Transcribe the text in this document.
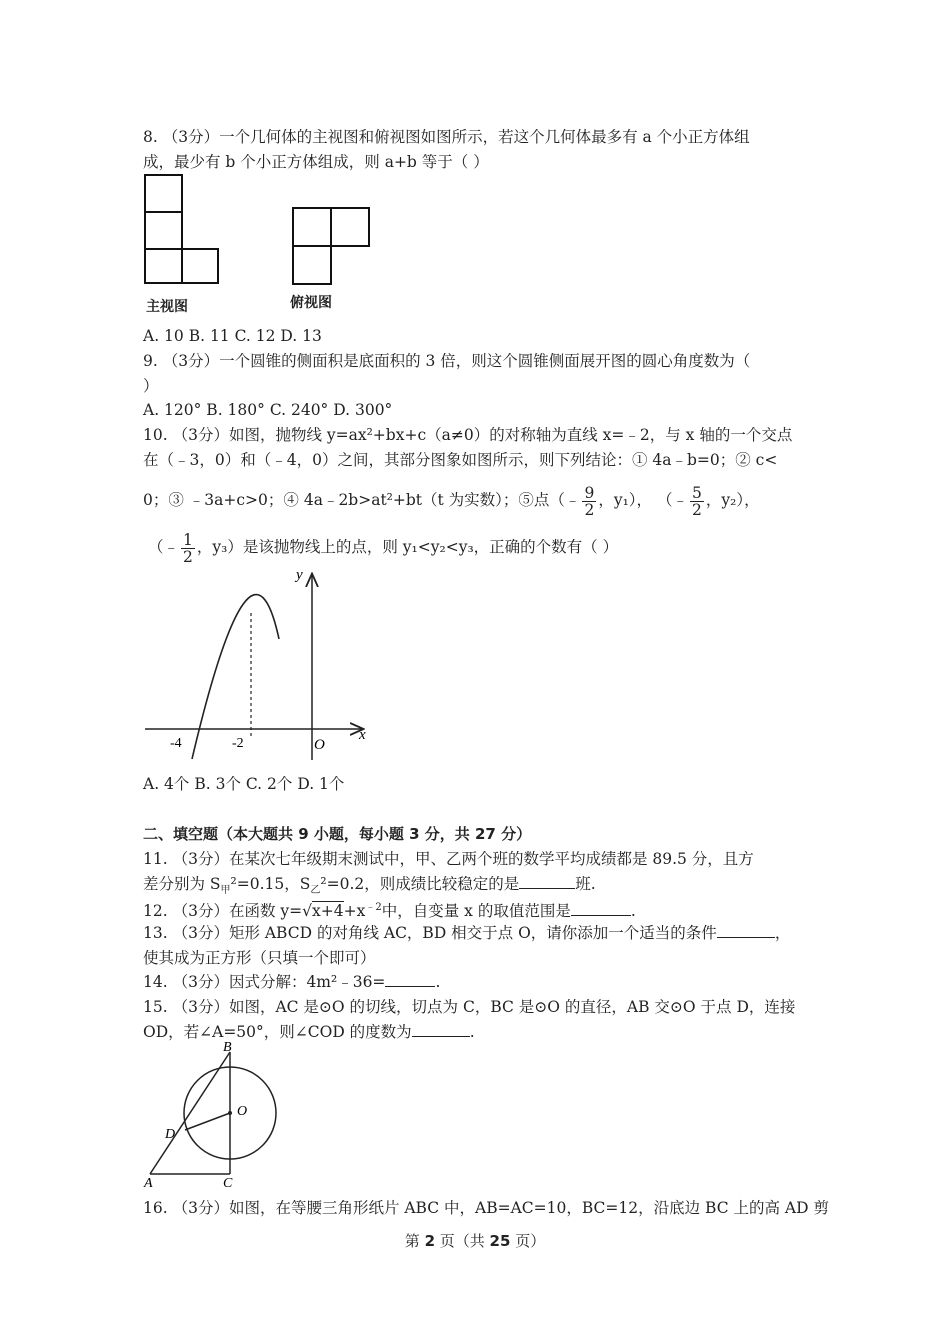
8. （3分）一个几何体的主视图和俯视图如图所示，若这个几何体最多有 a 个小正方体组
成，最少有 b 个小正方体组成，则 a+b 等于（ ）
主视图	俯视图
A. 10 B. 11 C. 12 D. 13
9. （3分）一个圆锥的侧面积是底面积的 3 倍，则这个圆锥侧面展开图的圆心角度数为（
）
A. 120° B. 180° C. 240° D. 300°
10. （3分）如图，抛物线 y=ax²+bx+c（a≠0）的对称轴为直线 x=﹣2，与 x 轴的一个交点
在（﹣3，0）和（﹣4，0）之间，其部分图象如图所示，则下列结论：① 4a﹣b=0；② c<
0；③ ﹣3a+c>0；④ 4a﹣2b>at²+bt（t 为实数）；⑤点（﹣ $\frac{9}{2}$ ，y₁）， （﹣ $\frac{5}{2}$ ，y₂），
（﹣ $\frac{1}{2}$ ，y₃）是该抛物线上的点，则 y₁<y₂<y₃，正确的个数有（ ）
y
x
-4	-2	O
A. 4个 B. 3个 C. 2个 D. 1个
二、填空题（本大题共 9 小题，每小题 3 分，共 27 分）
11. （3分）在某次七年级期末测试中，甲、乙两个班的数学平均成绩都是 89.5 分，且方
差分别为 $S_甲^2=0.15$，$S_乙^2=0.2$，则成绩比较稳定的是	班.
12. （3分）在函数 $y=√x+4+x^{﹣2}$中，自变量 x 的取值范围是	.
13. （3分）矩形 ABCD 的对角线 AC，BD 相交于点 O，请你添加一个适当的条件	，
使其成为正方形（只填一个即可）
14. （3分）因式分解：4m²﹣36=	.
15. （3分）如图，AC 是⊙O 的切线，切点为 C，BC 是⊙O 的直径，AB 交⊙O 于点 D，连接
OD，若∠A=50°，则∠COD 的度数为	.
B
O
D
A	C
16. （3分）如图，在等腰三角形纸片 ABC 中，AB=AC=10，BC=12，沿底边 BC 上的高 AD 剪
第 2 页（共 25 页）
